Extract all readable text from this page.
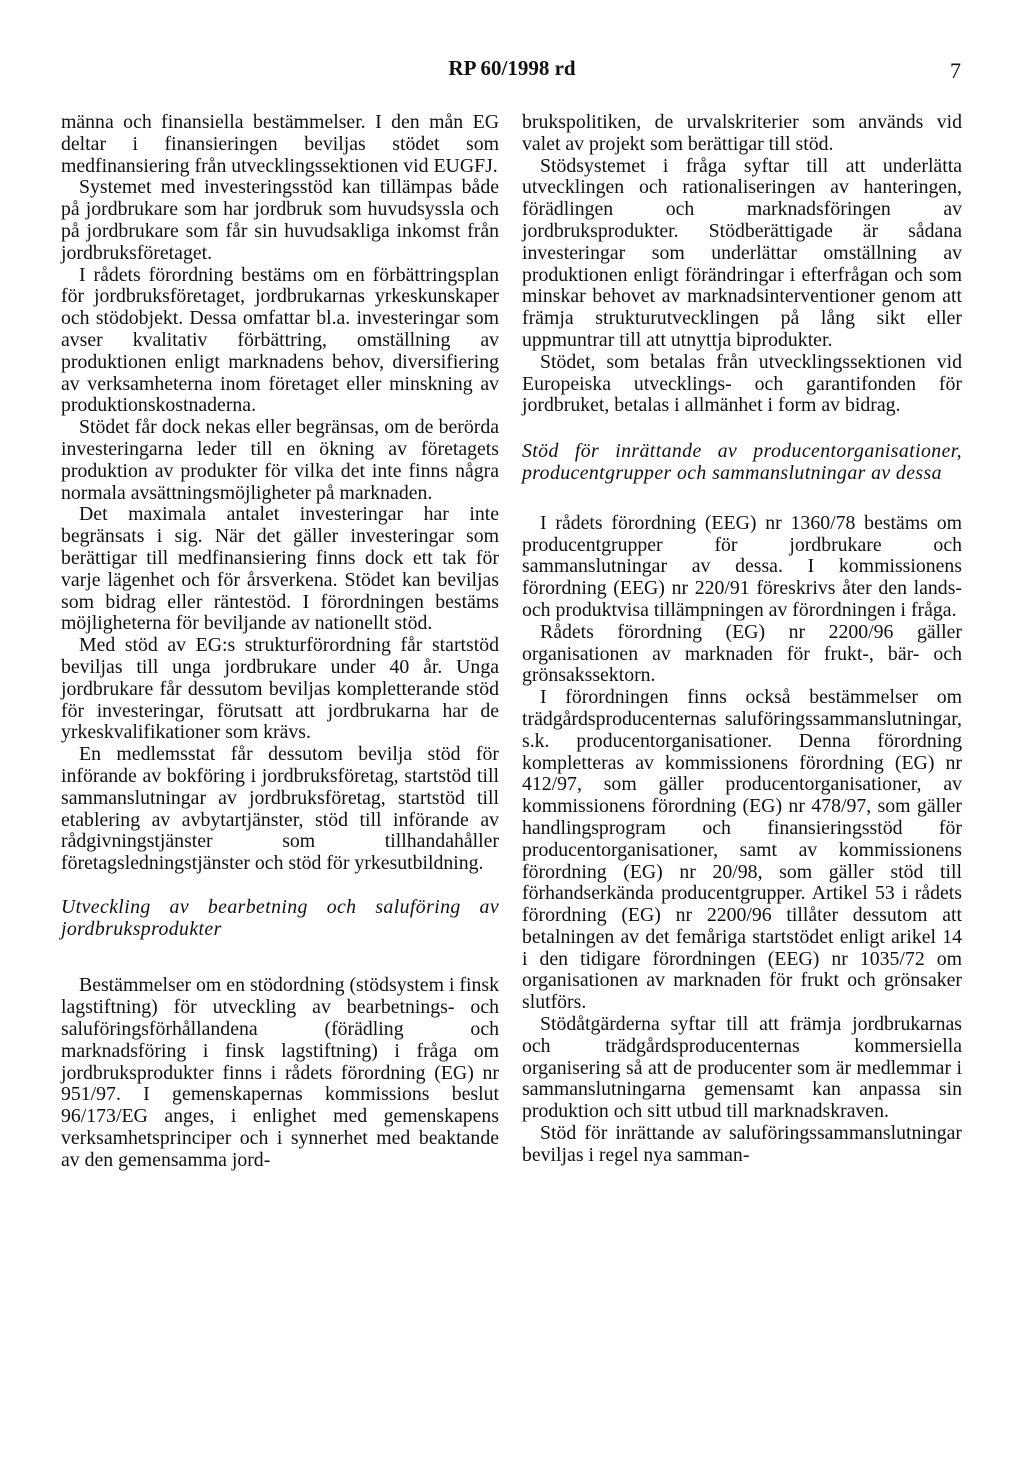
RP 60/1998 rd	7

männa och finansiella bestämmelser. I den mån EG deltar i finansieringen beviljas stödet som medfinansiering från utvecklingssektionen vid EUGFJ.

Systemet med investeringsstöd kan tillämpas både på jordbrukare som har jordbruk som huvudsyssla och på jordbrukare som får sin huvudsakliga inkomst från jordbruksföretaget.

I rådets förordning bestäms om en förbättringsplan för jordbruksföretaget, jordbrukarnas yrkeskunskaper och stödobjekt. Dessa omfattar bl.a. investeringar som avser kvalitativ förbättring, omställning av produktionen enligt marknadens behov, diversifiering av verksamheterna inom företaget eller minskning av produktionskostnaderna.

Stödet får dock nekas eller begränsas, om de berörda investeringarna leder till en ökning av företagets produktion av produkter för vilka det inte finns några normala avsättningsmöjligheter på marknaden.

Det maximala antalet investeringar har inte begränsats i sig. När det gäller investeringar som berättigar till medfinansiering finns dock ett tak för varje lägenhet och för årsverkena. Stödet kan beviljas som bidrag eller räntestöd. I förordningen bestäms möjligheterna för beviljande av nationellt stöd.

Med stöd av EG:s strukturförordning får startstöd beviljas till unga jordbrukare under 40 år. Unga jordbrukare får dessutom beviljas kompletterande stöd för investeringar, förutsatt att jordbrukarna har de yrkeskvalifikationer som krävs.

En medlemsstat får dessutom bevilja stöd för införande av bokföring i jordbruksföretag, startstöd till sammanslutningar av jordbruksföretag, startstöd till etablering av avbytartjänster, stöd till införande av rådgivningstjänster som tillhandahåller företagsledningstjänster och stöd för yrkesutbildning.

Utveckling av bearbetning och saluföring av jordbruksprodukter

Bestämmelser om en stödordning (stödsystem i finsk lagstiftning) för utveckling av bearbetnings- och saluföringsförhållandena (förädling och marknadsföring i finsk lagstiftning) i fråga om jordbruksprodukter finns i rådets förordning (EG) nr 951/97. I gemenskapernas kommissions beslut 96/173/EG anges, i enlighet med gemenskapens verksamhetsprinciper och i synnerhet med beaktande av den gemensamma jord-

brukspolitiken, de urvalskriterier som används vid valet av projekt som berättigar till stöd.

Stödsystemet i fråga syftar till att underlätta utvecklingen och rationaliseringen av hanteringen, förädlingen och marknadsföringen av jordbruksprodukter. Stödberättigade är sådana investeringar som underlättar omställning av produktionen enligt förändringar i efterfrågan och som minskar behovet av marknadsinterventioner genom att främja strukturutvecklingen på lång sikt eller uppmuntrar till att utnyttja biprodukter.

Stödet, som betalas från utvecklingssektionen vid Europeiska utvecklings- och garantifonden för jordbruket, betalas i allmänhet i form av bidrag.

Stöd för inrättande av producentorganisationer, producentgrupper och sammanslutningar av dessa

I rådets förordning (EEG) nr 1360/78 bestäms om producentgrupper för jordbrukare och sammanslutningar av dessa. I kommissionens förordning (EEG) nr 220/91 föreskrivs åter den lands- och produktvisa tillämpningen av förordningen i fråga.

Rådets förordning (EG) nr 2200/96 gäller organisationen av marknaden för frukt-, bär- och grönsakssektorn.

I förordningen finns också bestämmelser om trädgårdsproducenternas saluföringssammanslutningar, s.k. producentorganisationer. Denna förordning kompletteras av kommissionens förordning (EG) nr 412/97, som gäller producentorganisationer, av kommissionens förordning (EG) nr 478/97, som gäller handlingsprogram och finansieringsstöd för producentorganisationer, samt av kommissionens förordning (EG) nr 20/98, som gäller stöd till förhandserkända producentgrupper. Artikel 53 i rådets förordning (EG) nr 2200/96 tillåter dessutom att betalningen av det femåriga startstödet enligt arikel 14 i den tidigare förordningen (EEG) nr 1035/72 om organisationen av marknaden för frukt och grönsaker slutförs.

Stödåtgärderna syftar till att främja jordbrukarnas och trädgårdsproducenternas kommersiella organisering så att de producenter som är medlemmar i sammanslutningarna gemensamt kan anpassa sin produktion och sitt utbud till marknadskraven.

Stöd för inrättande av saluföringssammanslutningar beviljas i regel nya samman-
